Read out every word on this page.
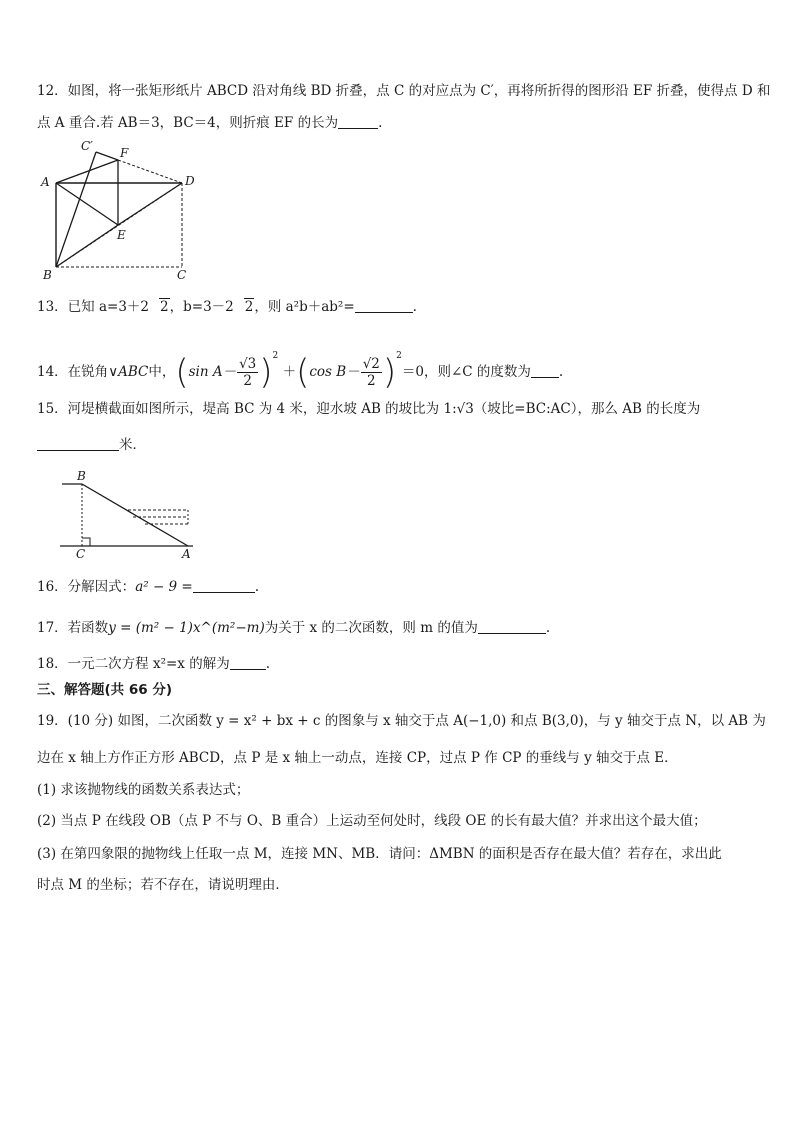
12．如图，将一张矩形纸片 ABCD 沿对角线 BD 折叠，点 C 的对应点为 C′，再将所折得的图形沿 EF 折叠，使得点 D 和
点 A 重合.若 AB＝3，BC＝4，则折痕 EF 的长为	.
C′ F
A	D
E
B	C
13．已知 a=3＋2 2，b=3－2 2，则 a²b＋ab²=	.
14．在锐角∨ABC中，(sin $A- \frac{√3}{2} )^2 +(\cos$ $B- \frac{√2}{2} )^2=0$，则∠C 的度数为 .
15．河堤横截面如图所示，堤高 BC 为 4 米，迎水坡 AB 的坡比为 1:√3（坡比=BC:AC），那么 AB 的长度为
米．
B
C	A
16．分解因式：a² − 9 =	.
17．若函数y = (m² − 1)x^(m²−m)为关于 x 的二次函数，则 m 的值为	.
18．一元二次方程 x²=x 的解为	.
三、解答题(共 66 分)
19．(10 分) 如图，二次函数 y = x² + bx + c 的图象与 x 轴交于点 A(−1,0) 和点 B(3,0)，与 y 轴交于点 N，以 AB 为
边在 x 轴上方作正方形 ABCD，点 P 是 x 轴上一动点，连接 CP，过点 P 作 CP 的垂线与 y 轴交于点 E．
(1) 求该抛物线的函数关系表达式；
(2) 当点 P 在线段 OB（点 P 不与 O、B 重合）上运动至何处时，线段 OE 的长有最大值？并求出这个最大值；
(3) 在第四象限的抛物线上任取一点 M，连接 MN、MB．请问：ΔMBN 的面积是否存在最大值？若存在，求出此
时点 M 的坐标；若不存在，请说明理由．
